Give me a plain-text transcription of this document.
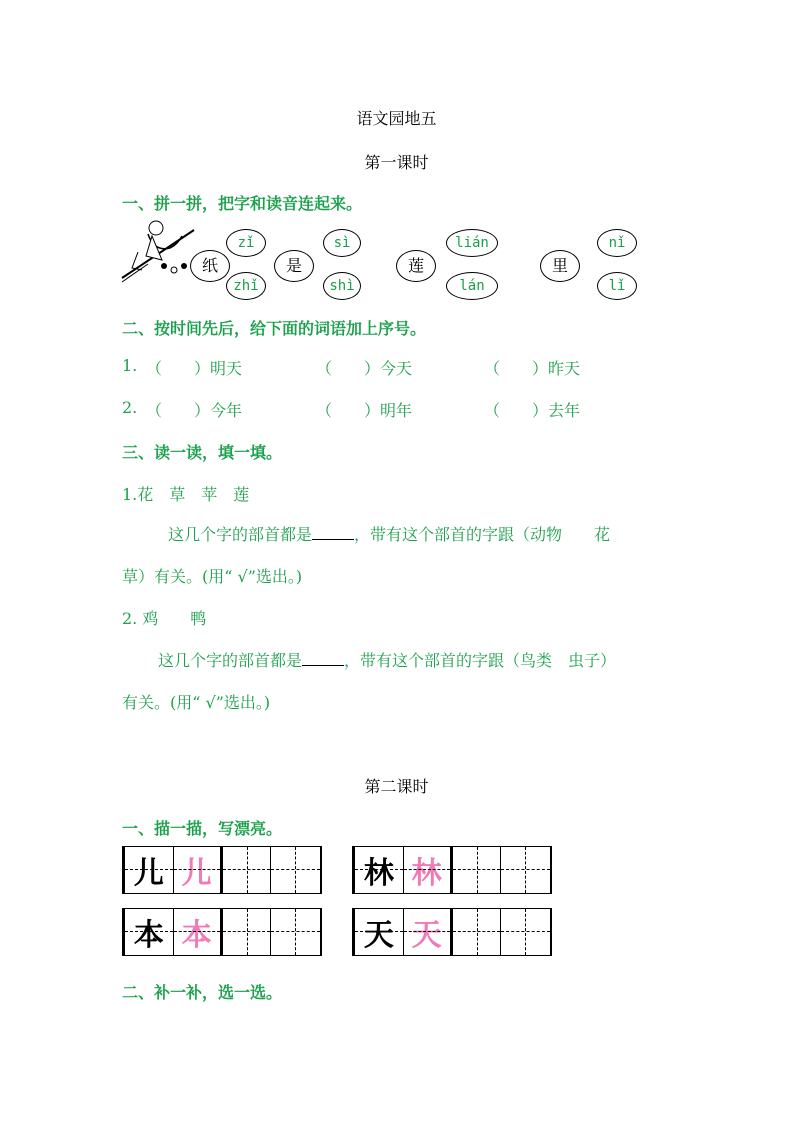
语文园地五
第一课时
一、拼一拼，把字和读音连起来。
zǐ	sì	lián	nǐ
纸	是	莲	里
zhǐ	shì	lán	lǐ
二、按时间先后，给下面的词语加上序号。
1. （　　）明天	（　　）今天	（　　）昨天
2. （　　）今年	（　　）明年	（　　）去年
三、读一读，填一填。
1.花　草　苹　莲
这几个字的部首都是	，带有这个部首的字跟（动物　　花
草）有关。(用“ √”选出。)
2. 鸡　　鸭
这几个字的部首都是	，带有这个部首的字跟（鸟类　虫子）
有关。(用“ √”选出。)
第二课时
一、描一描，写漂亮。
儿 儿	林 林
本 本	天 天
二、补一补，选一选。
